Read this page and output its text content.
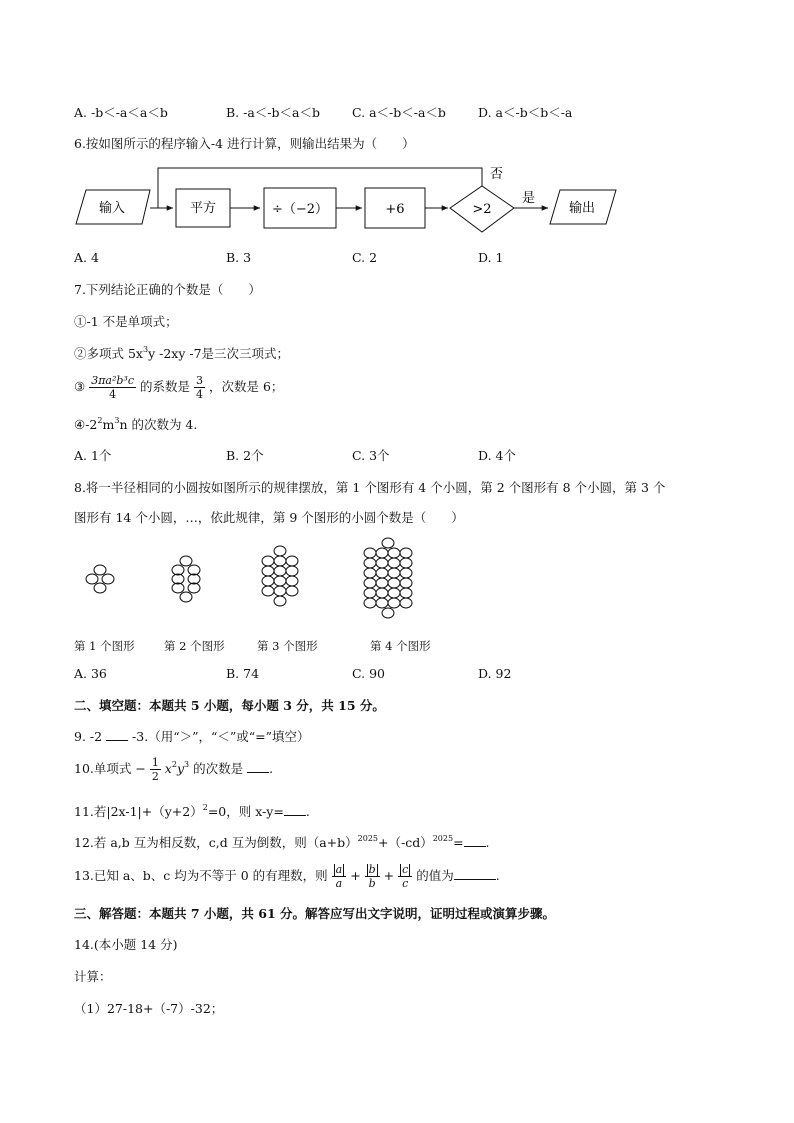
A. -b＜-a＜a＜b	B. -a＜-b＜a＜b	C. a＜-b＜-a＜b	D. a＜-b＜b＜-a
6.按如图所示的程序输入-4 进行计算，则输出结果为（　　）
输入	平方	÷（−2）	+6	>2
否
是
输出
A. 4	B. 3	C. 2	D. 1
7.下列结论正确的个数是（　　）
①-1 不是单项式；
②多项式 $5x^3y$ -2xy -7是三次三项式；
③ $\frac{\text{3πa²b³c}}{4}$ 的系数是 $\frac{3}{4}$ ，次数是 6；
$④-2^2m^3n$ 的次数为 4.
A. 1个	B. 2个	C. 3个	D. 4个
8.将一半径相同的小圆按如图所示的规律摆放，第 1 个图形有 4 个小圆，第 2 个图形有 8 个小圆，第 3 个
图形有 14 个小圆，…，依此规律，第 9 个图形的小圆个数是（　　）
第 1 个图形	第 2 个图形	第 3 个图形	第 4 个图形
A. 36	B. 74	C. 90	D. 92
二、填空题：本题共 5 小题，每小题 3 分，共 15 分。
9. -2 -3.（用“＞”，“＜”或“=”填空）
10.单项式 − $\frac{1}{2} x^2y^3$ 的次数是 .
11.若$|2x-1|+(y+2)^2=0$，则 x-y= .
12.若 a,b 互为相反数，c,d 互为倒数，则$(a+b)^{2025}+(-cd)^{2025}=$ .
13.已知 a、b、c 均为不等于 0 的有理数，则 $\frac{a}{a} + \frac{b}{b} + \frac{c}{c}$ 的值为	.
三、解答题：本题共 7 小题，共 61 分。解答应写出文字说明，证明过程或演算步骤。
14.(本小题 14 分)
计算：
（1）27-18+（-7）-32；
